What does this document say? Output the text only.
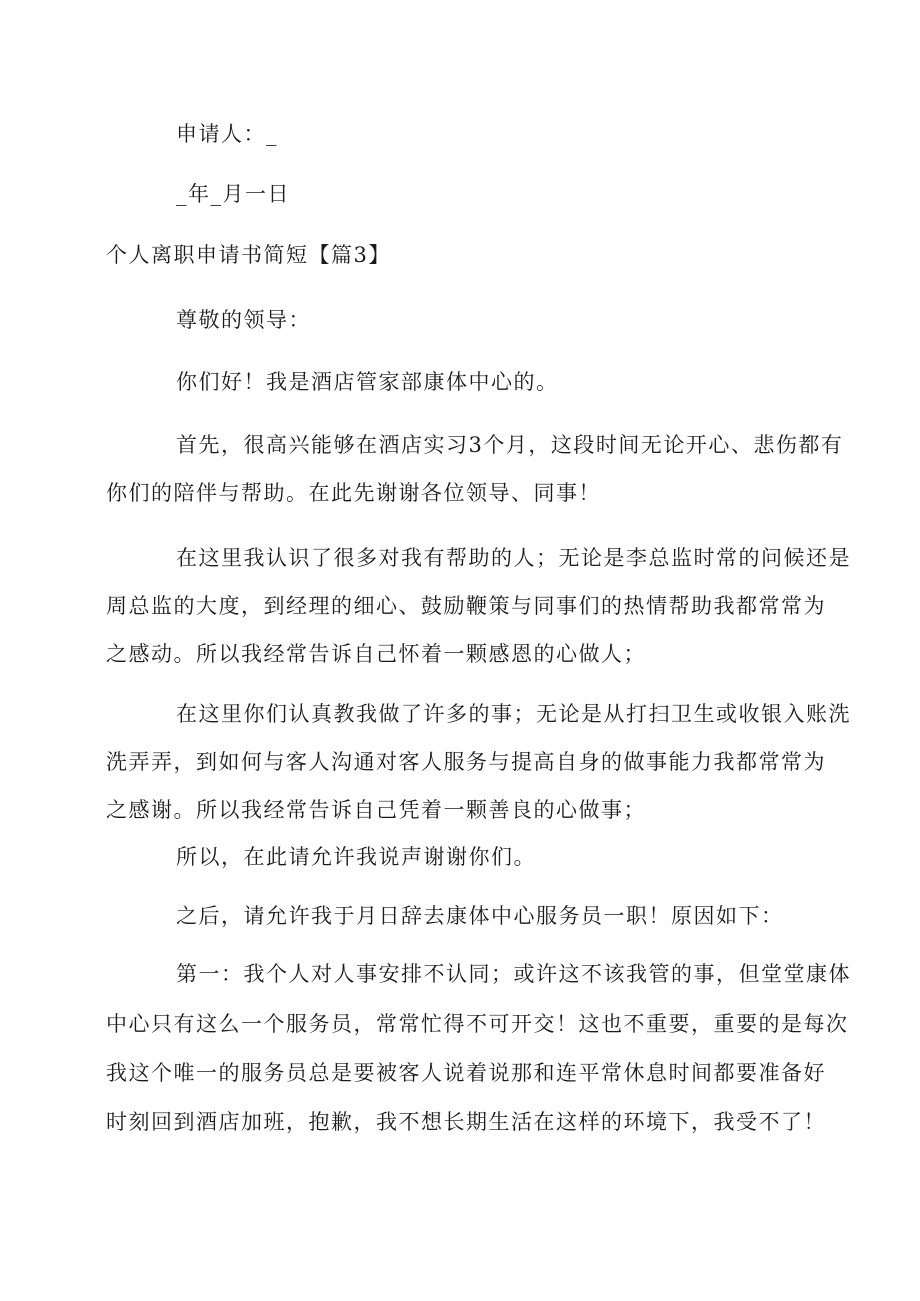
申请人：_
_年_月一日
个人离职申请书简短【篇3】
尊敬的领导：
你们好！我是酒店管家部康体中心的。
首先，很高兴能够在酒店实习3个月，这段时间无论开心、悲伤都有
你们的陪伴与帮助。在此先谢谢各位领导、同事！
在这里我认识了很多对我有帮助的人；无论是李总监时常的问候还是
周总监的大度，到经理的细心、鼓励鞭策与同事们的热情帮助我都常常为
之感动。所以我经常告诉自己怀着一颗感恩的心做人；
在这里你们认真教我做了许多的事；无论是从打扫卫生或收银入账洗
洗弄弄，到如何与客人沟通对客人服务与提高自身的做事能力我都常常为
之感谢。所以我经常告诉自己凭着一颗善良的心做事；
所以，在此请允许我说声谢谢你们。
之后，请允许我于月日辞去康体中心服务员一职！原因如下：
第一：我个人对人事安排不认同；或许这不该我管的事，但堂堂康体
中心只有这么一个服务员，常常忙得不可开交！这也不重要，重要的是每次
我这个唯一的服务员总是要被客人说着说那和连平常休息时间都要准备好
时刻回到酒店加班，抱歉，我不想长期生活在这样的环境下，我受不了！
